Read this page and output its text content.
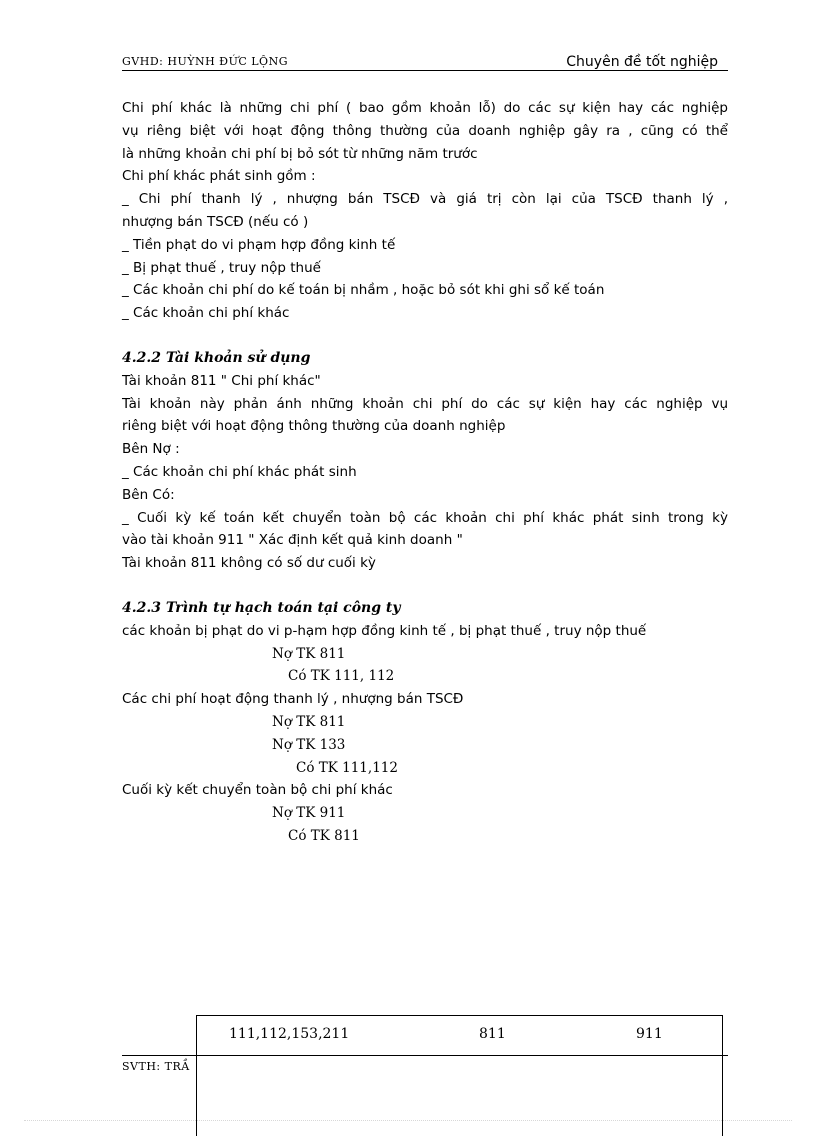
GVHD: HUỲNH ĐỨC LỘNG	Chuyên đề tốt nghiệp
Chi phí khác là những chi phí ( bao gồm khoản lỗ) do các sự kiện hay các nghiệp
vụ riêng biệt với hoạt động thông thường của doanh nghiệp gây ra , cũng có thể
là những khoản chi phí bị bỏ sót từ những năm trước
Chi phí khác phát sinh gồm :
_ Chi phí thanh lý , nhượng bán TSCĐ và giá trị còn lại của TSCĐ thanh lý ,
nhượng bán TSCĐ (nếu có )
_ Tiền phạt do vi phạm hợp đồng kinh tế
_ Bị phạt thuế , truy nộp thuế
_ Các khoản chi phí do kế toán bị nhầm , hoặc bỏ sót khi ghi sổ kế toán
_ Các khoản chi phí khác
4.2.2 Tài khoản sử dụng
Tài khoản 811 " Chi phí khác"
Tài khoản này phản ánh những khoản chi phí do các sự kiện hay các nghiệp vụ
riêng biệt với hoạt động thông thường của doanh nghiệp
Bên Nợ :
_ Các khoản chi phí khác phát sinh
Bên Có:
_ Cuối kỳ kế toán kết chuyển toàn bộ các khoản chi phí khác phát sinh trong kỳ
vào tài khoản 911 " Xác định kết quả kinh doanh "
Tài khoản 811 không có số dư cuối kỳ
4.2.3 Trình tự hạch toán tại công ty
các khoản bị phạt do vi p-hạm hợp đồng kinh tế , bị phạt thuế , truy nộp thuế
Nợ TK 811
Có TK 111, 112
Các chi phí hoạt động thanh lý , nhượng bán TSCĐ
Nợ TK 811
Nợ TK 133
Có TK 111,112
Cuối kỳ kết chuyển toàn bộ chi phí khác
Nợ TK 911
Có TK 811
SVTH: TRẦ
111,112,153,211	811	911
